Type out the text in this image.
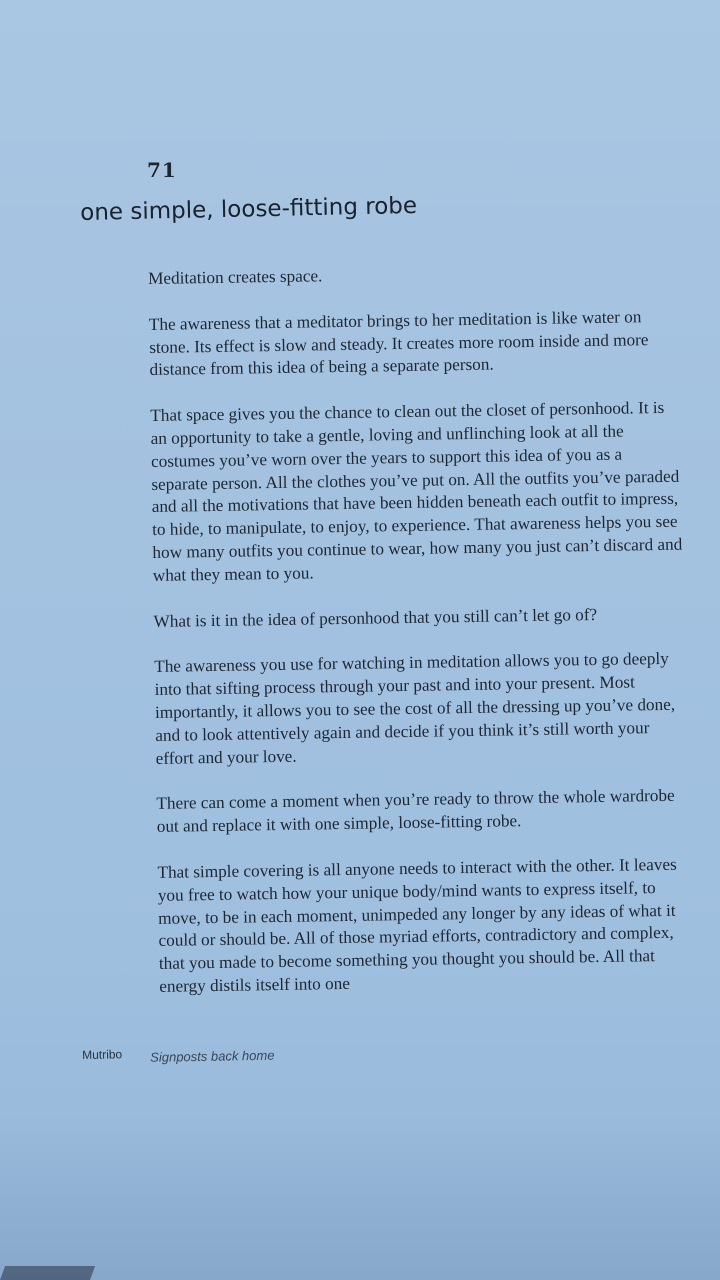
71
one simple, loose-fitting robe

Meditation creates space.

The awareness that a meditator brings to her meditation is like water on stone. Its effect is slow and steady. It creates more room inside and more distance from this idea of being a separate person.

That space gives you the chance to clean out the closet of personhood. It is an opportunity to take a gentle, loving and unflinching look at all the costumes you’ve worn over the years to support this idea of you as a separate person. All the clothes you’ve put on. All the outfits you’ve paraded and all the motivations that have been hidden beneath each outfit to impress, to hide, to manipulate, to enjoy, to experience. That awareness helps you see how many outfits you continue to wear, how many you just can’t discard and what they mean to you.

What is it in the idea of personhood that you still can’t let go of?

The awareness you use for watching in meditation allows you to go deeply into that sifting process through your past and into your present. Most importantly, it allows you to see the cost of all the dressing up you’ve done, and to look attentively again and decide if you think it’s still worth your effort and your love.

There can come a moment when you’re ready to throw the whole wardrobe out and replace it with one simple, loose-fitting robe.

That simple covering is all anyone needs to interact with the other. It leaves you free to watch how your unique body/mind wants to express itself, to move, to be in each moment, unimpeded any longer by any ideas of what it could or should be. All of those myriad efforts, contradictory and complex, that you made to become something you thought you should be. All that energy distils itself into one

Mutribo Signposts back home
